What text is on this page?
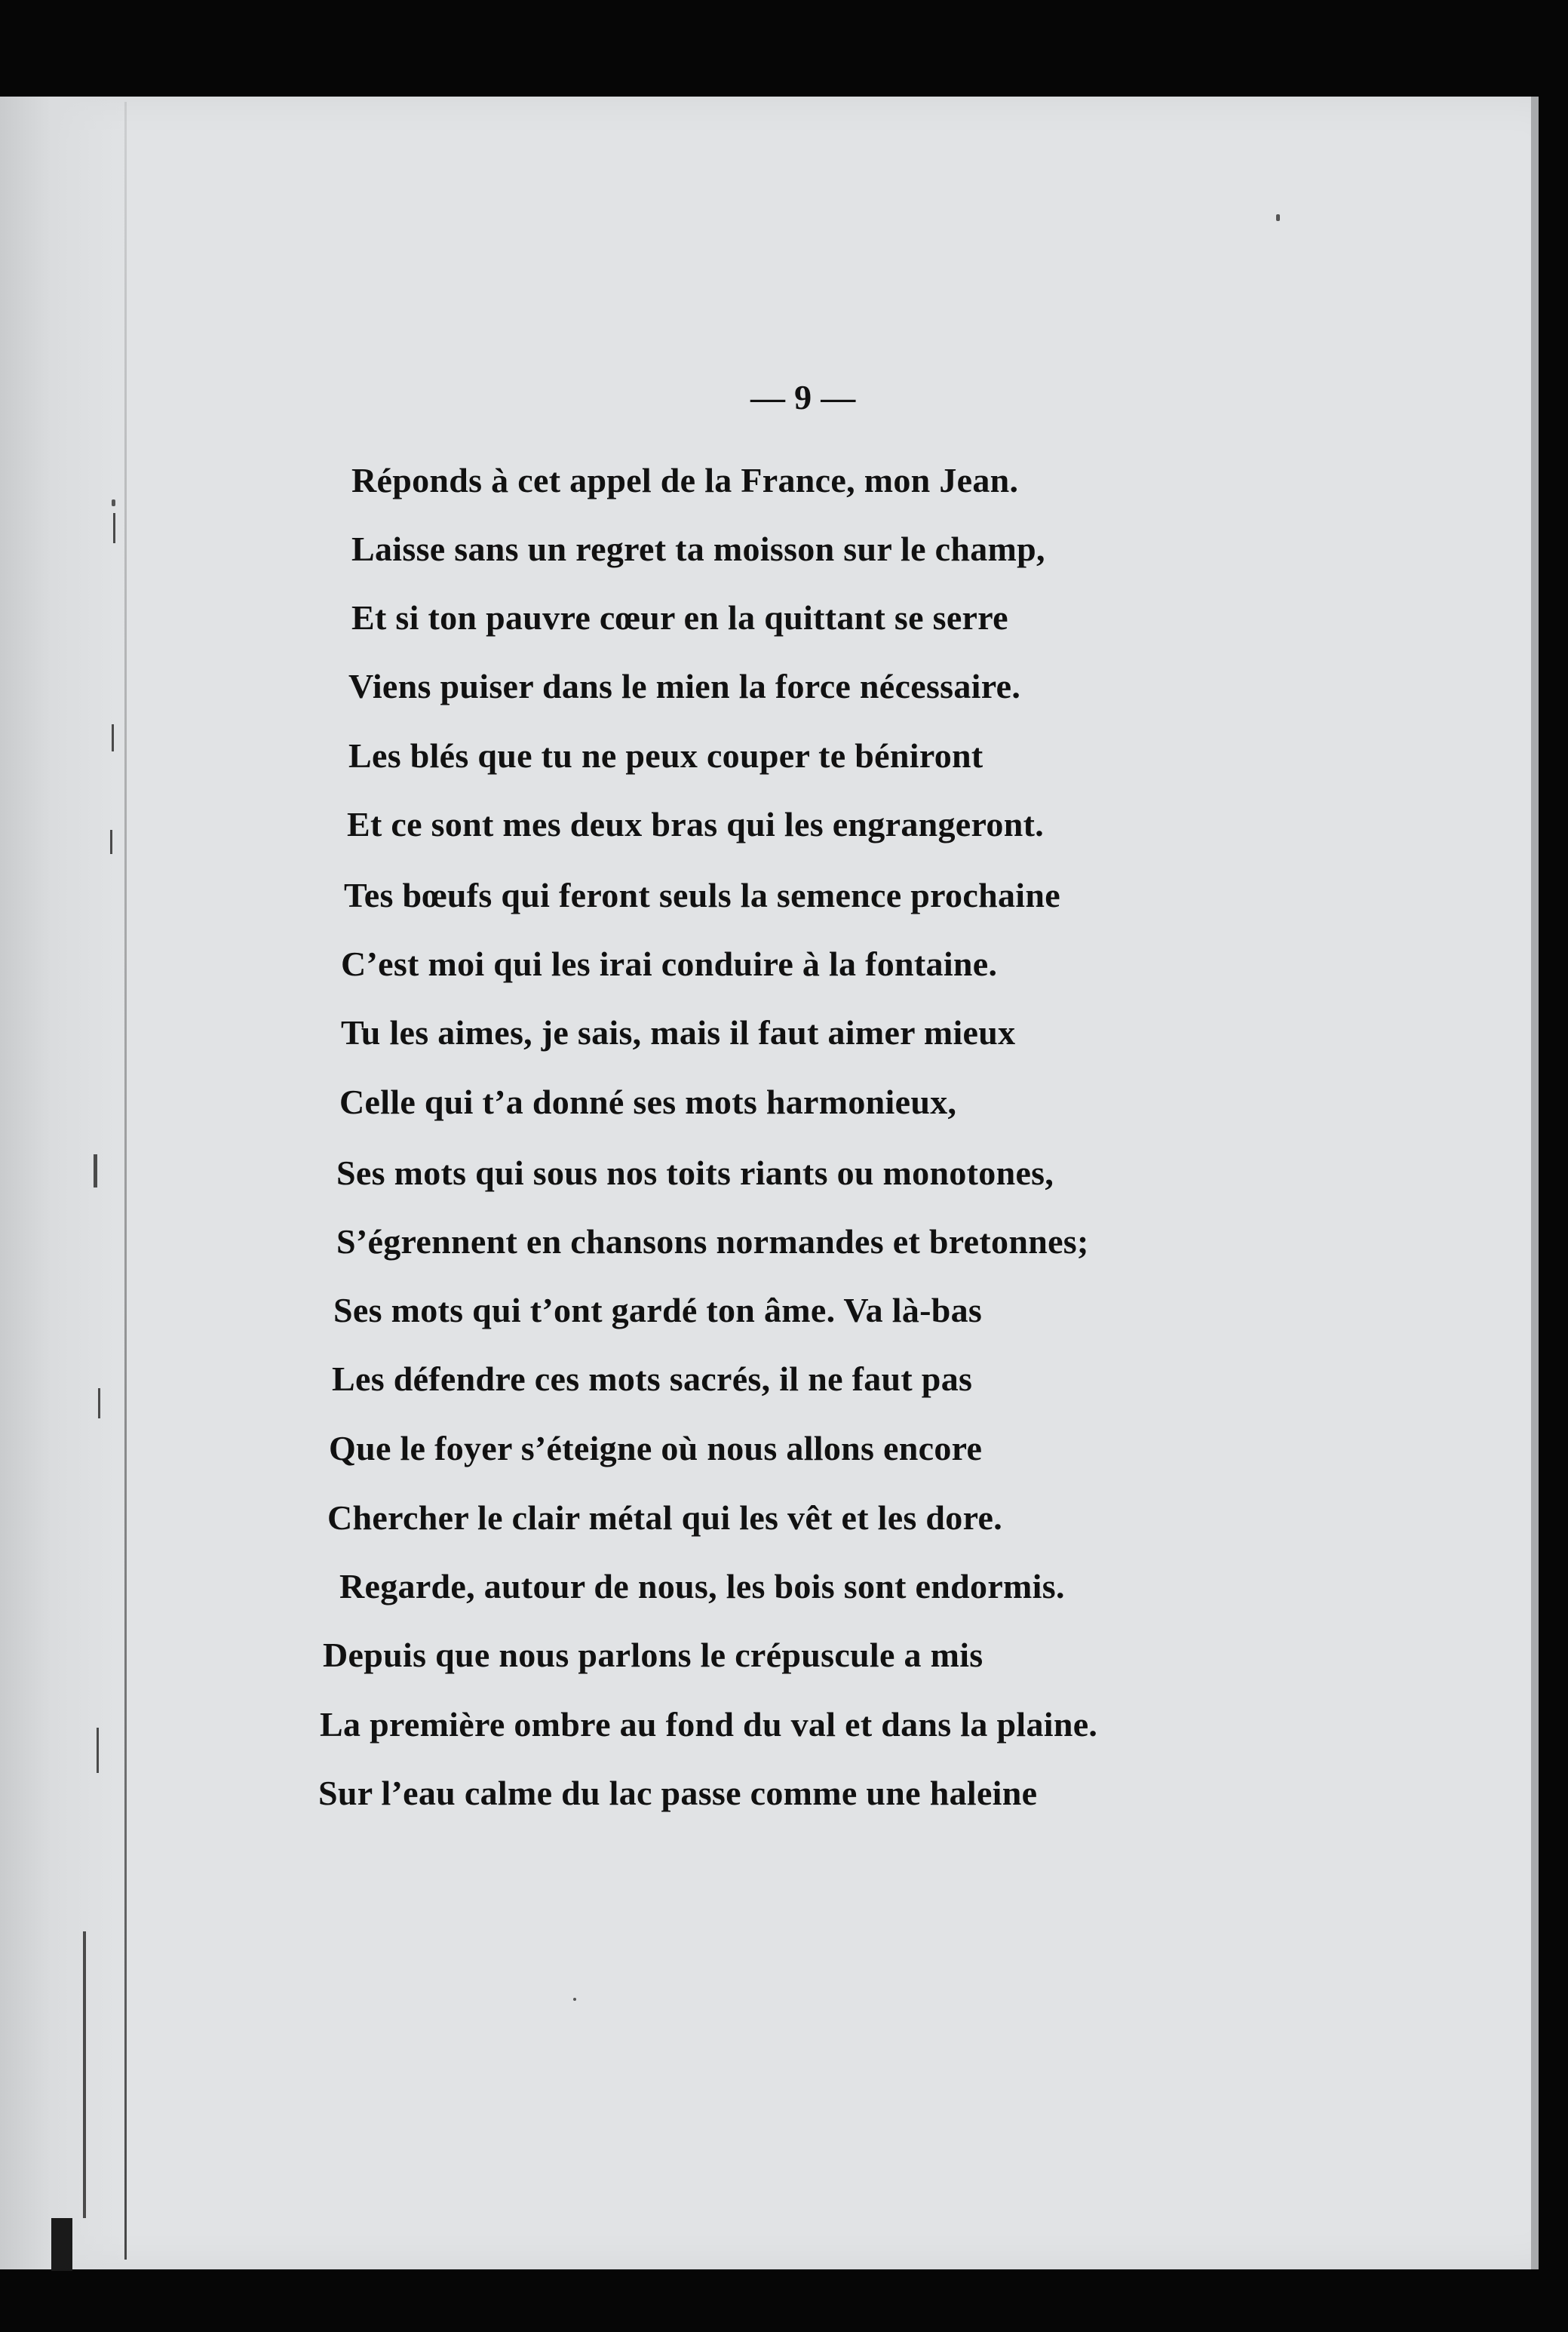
— 9 —
Réponds à cet appel de la France, mon Jean.
Laisse sans un regret ta moisson sur le champ,
Et si ton pauvre cœur en la quittant se serre
Viens puiser dans le mien la force nécessaire.
Les blés que tu ne peux couper te béniront
Et ce sont mes deux bras qui les engrangeront.
Tes bœufs qui feront seuls la semence prochaine
C’est moi qui les irai conduire à la fontaine.
Tu les aimes, je sais, mais il faut aimer mieux
Celle qui t’a donné ses mots harmonieux,
Ses mots qui sous nos toits riants ou monotones,
S’égrennent en chansons normandes et bretonnes;
Ses mots qui t’ont gardé ton âme. Va là-bas
Les défendre ces mots sacrés, il ne faut pas
Que le foyer s’éteigne où nous allons encore
Chercher le clair métal qui les vêt et les dore.
Regarde, autour de nous, les bois sont endormis.
Depuis que nous parlons le crépuscule a mis
La première ombre au fond du val et dans la plaine.
Sur l’eau calme du lac passe comme une haleine
